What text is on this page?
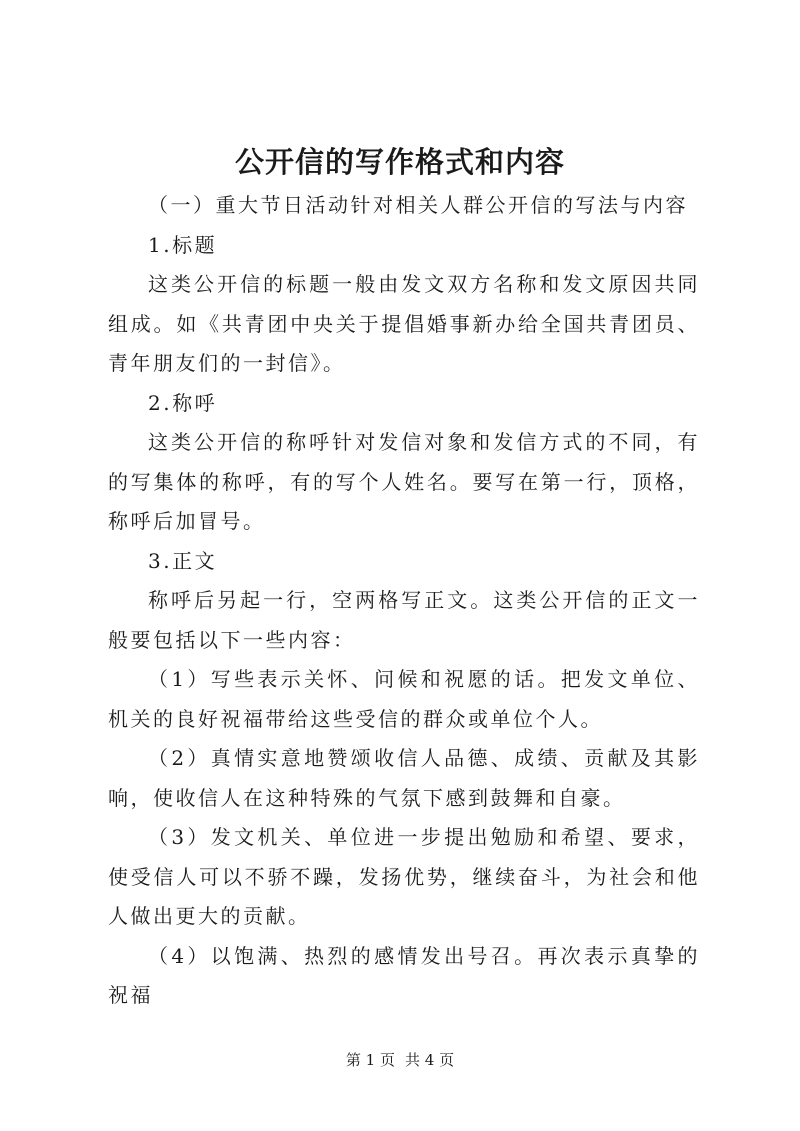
公开信的写作格式和内容

（一）重大节日活动针对相关人群公开信的写法与内容

1.标题

这类公开信的标题一般由发文双方名称和发文原因共同组成。如《共青团中央关于提倡婚事新办给全国共青团员、青年朋友们的一封信》。

2.称呼

这类公开信的称呼针对发信对象和发信方式的不同，有的写集体的称呼，有的写个人姓名。要写在第一行，顶格，称呼后加冒号。

3.正文

称呼后另起一行，空两格写正文。这类公开信的正文一般要包括以下一些内容：

（1）写些表示关怀、问候和祝愿的话。把发文单位、机关的良好祝福带给这些受信的群众或单位个人。

（2）真情实意地赞颂收信人品德、成绩、贡献及其影响，使收信人在这种特殊的气氛下感到鼓舞和自豪。

（3）发文机关、单位进一步提出勉励和希望、要求，使受信人可以不骄不躁，发扬优势，继续奋斗，为社会和他人做出更大的贡献。

（4）以饱满、热烈的感情发出号召。再次表示真挚的祝福

第 1 页 共 4 页
